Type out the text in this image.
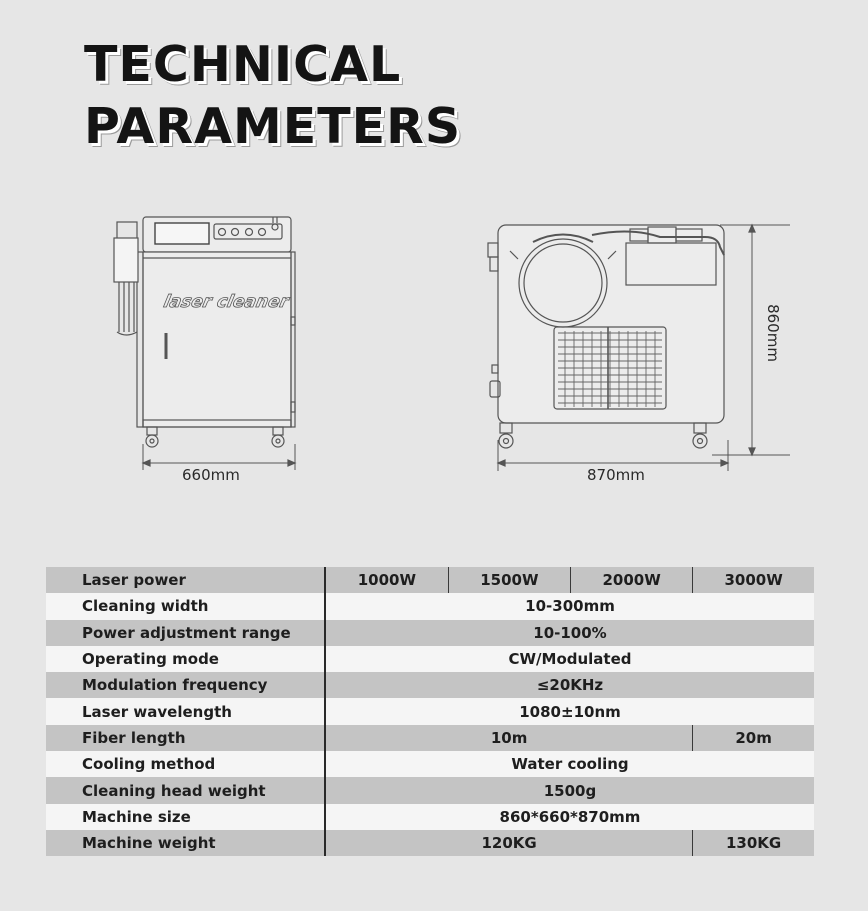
TECHNICAL
PARAMETERS
laser cleaner
660mm	870mm
860mm
Laser power	1000W	1500W	2000W	3000W
Cleaning width	10-300mm			
Power adjustment range	10-100%			
Operating mode	CW/Modulated			
Modulation frequency	≤20KHz			
Laser wavelength	1080±10nm			
Fiber length	10m			20m
Cooling method	Water cooling			
Cleaning head weight	1500g			
Machine size	860*660*870mm			
Machine weight	120KG			130KG
